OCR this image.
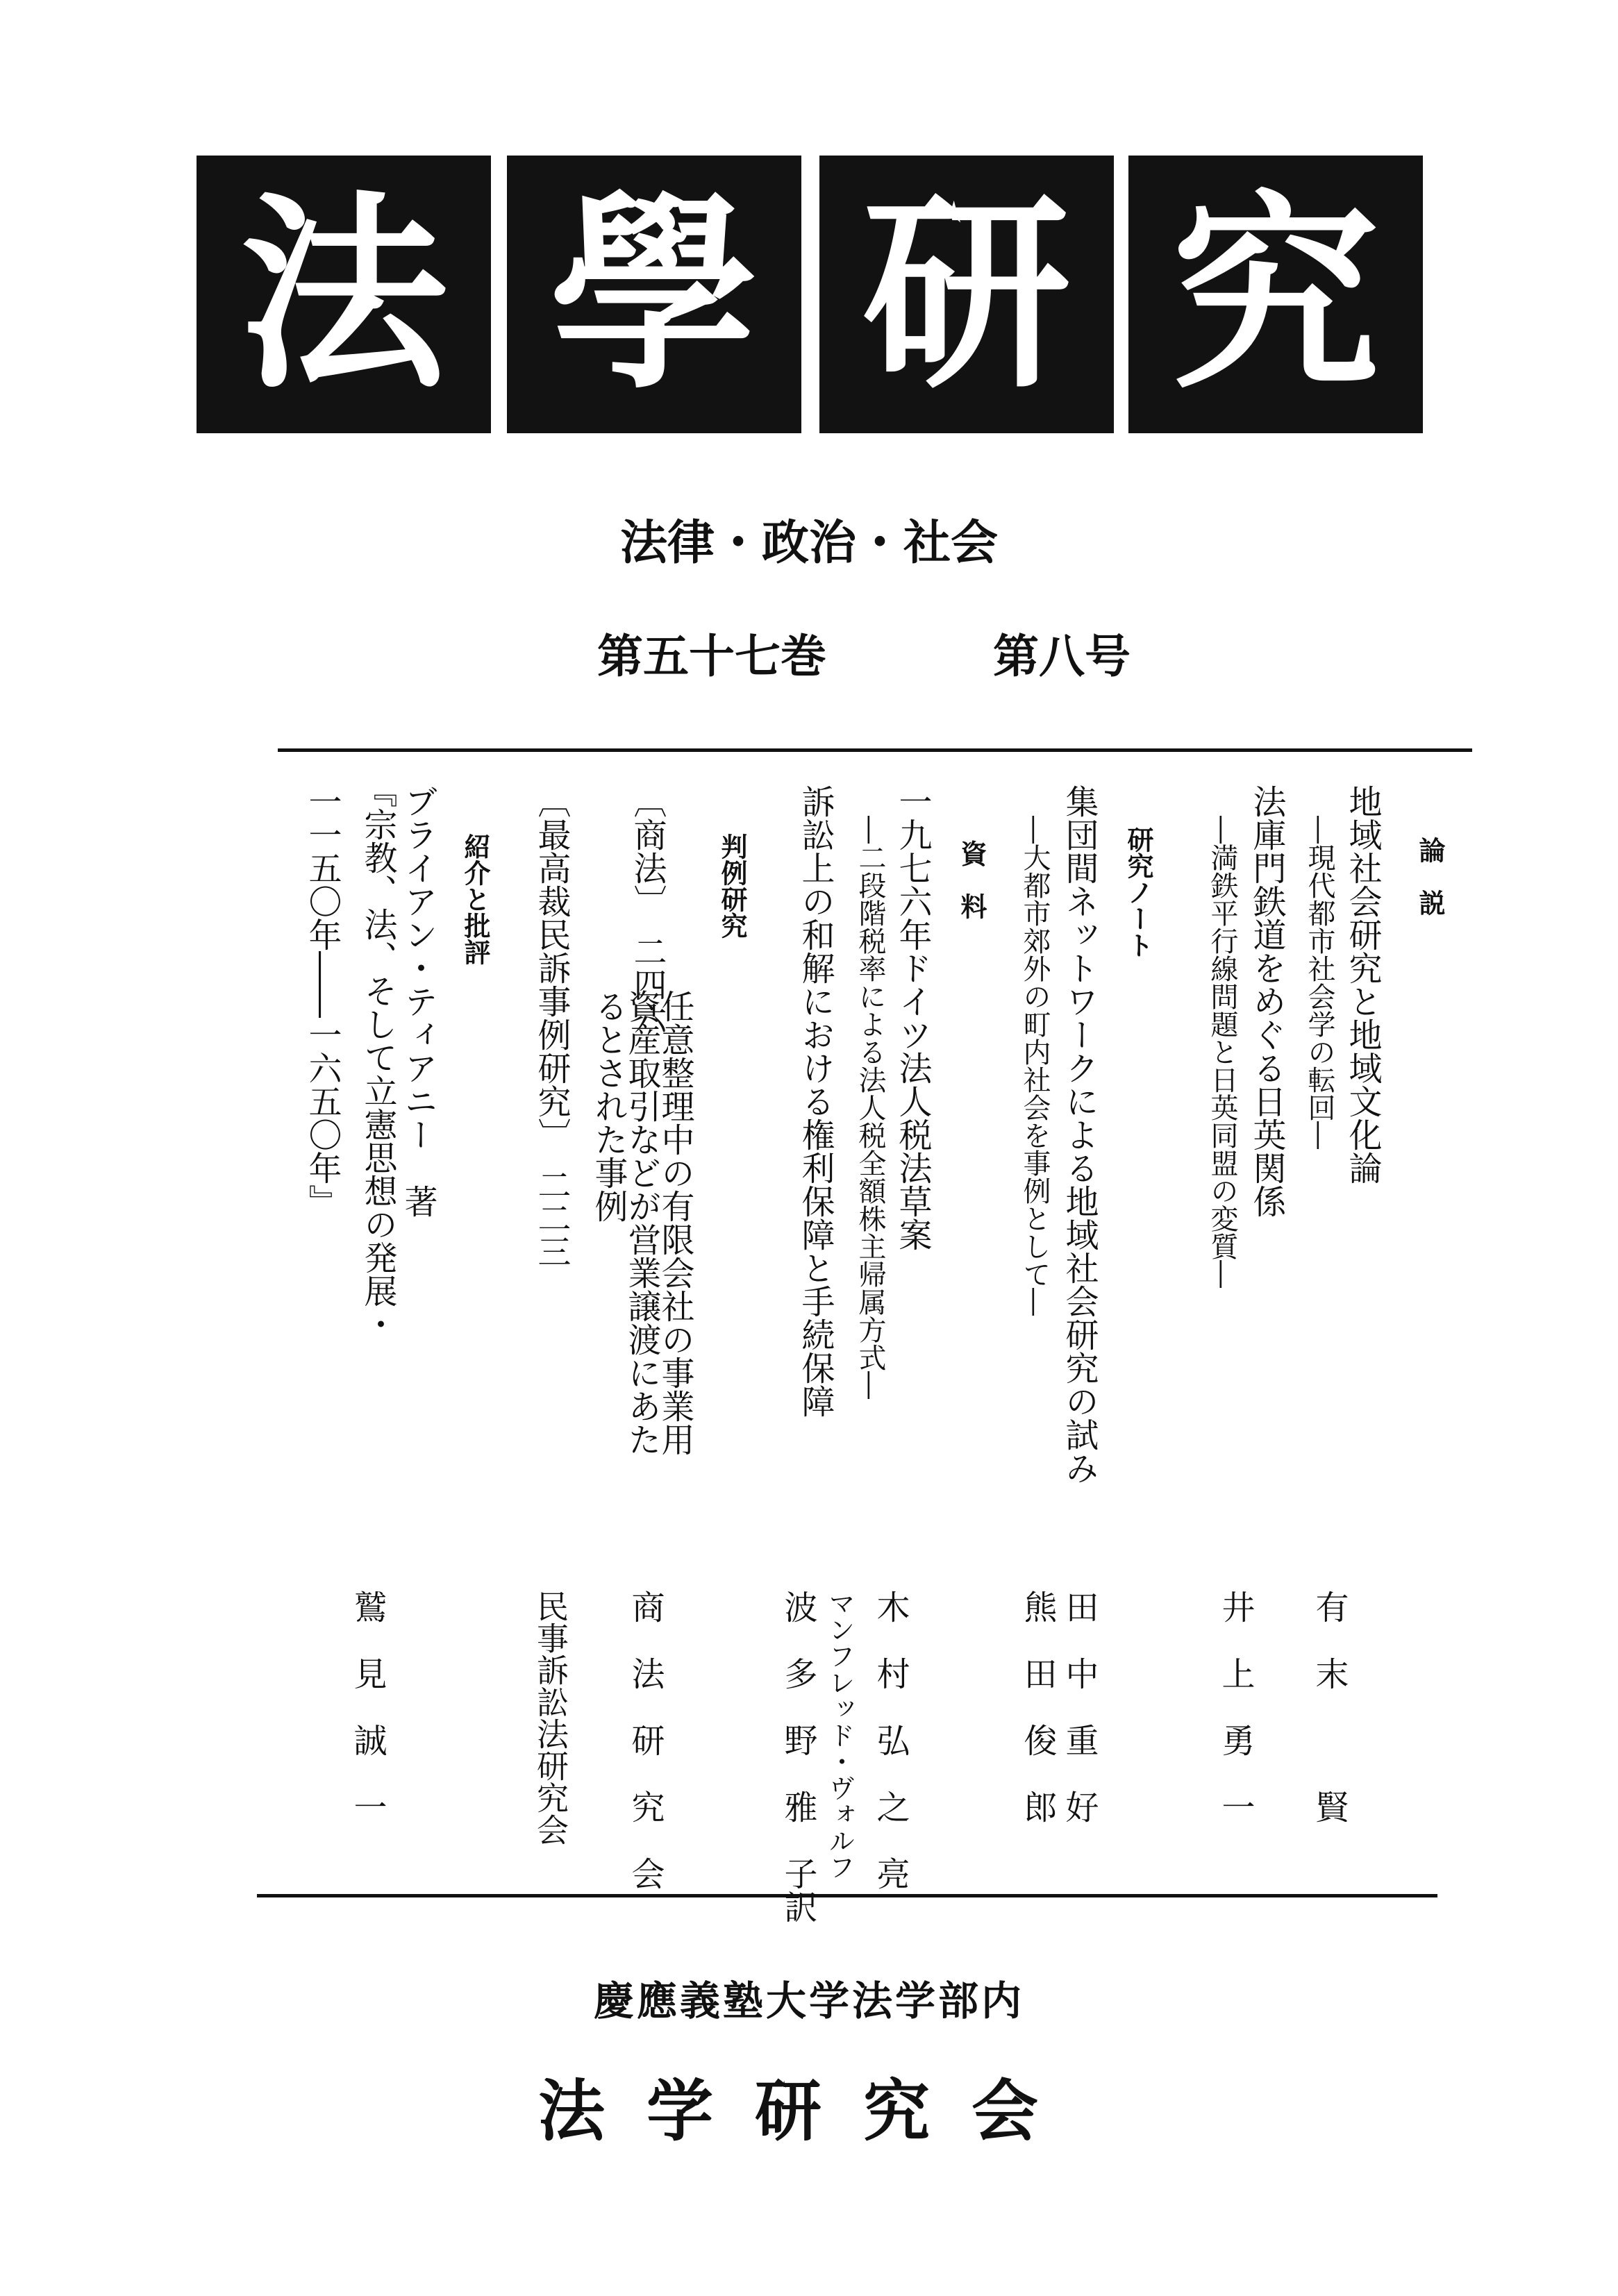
法 學 研 究
法律・政治・社会
第五十七巻	第八号
論　説
地域社会研究と地域文化論
―現代都市社会学の転回―
法庫門鉄道をめぐる日英関係
―満鉄平行線問題と日英同盟の変質―
研究ノート
集団間ネットワークによる地域社会研究の試み
―大都市郊外の町内社会を事例として―
資　料
一九七六年ドイツ法人税法草案
―二段階税率による法人税全額株主帰属方式―
訴訟上の和解における権利保障と手続保障
判例研究
〔商法〕　二四六
任意整理中の有限会社の事業用
資産取引などが営業譲渡にあた
るとされた事例
〔最高裁民訴事例研究〕　二二三
紹介と批評
ブライアン・ティアニー　著
『宗教、法、そして立憲思想の発展・
一一五〇年――一六五〇年』
有　末　　　賢
井　上　勇　一
田　中　重　好
熊　田　俊　郎
木　村　弘　之　亮
マンフレッド・ヴォルフ
波　多　野　雅　子訳
商　法　研　究　会
民事訴訟法研究会
鷲　見　誠　一
慶應義塾大学法学部内
法学研究会
